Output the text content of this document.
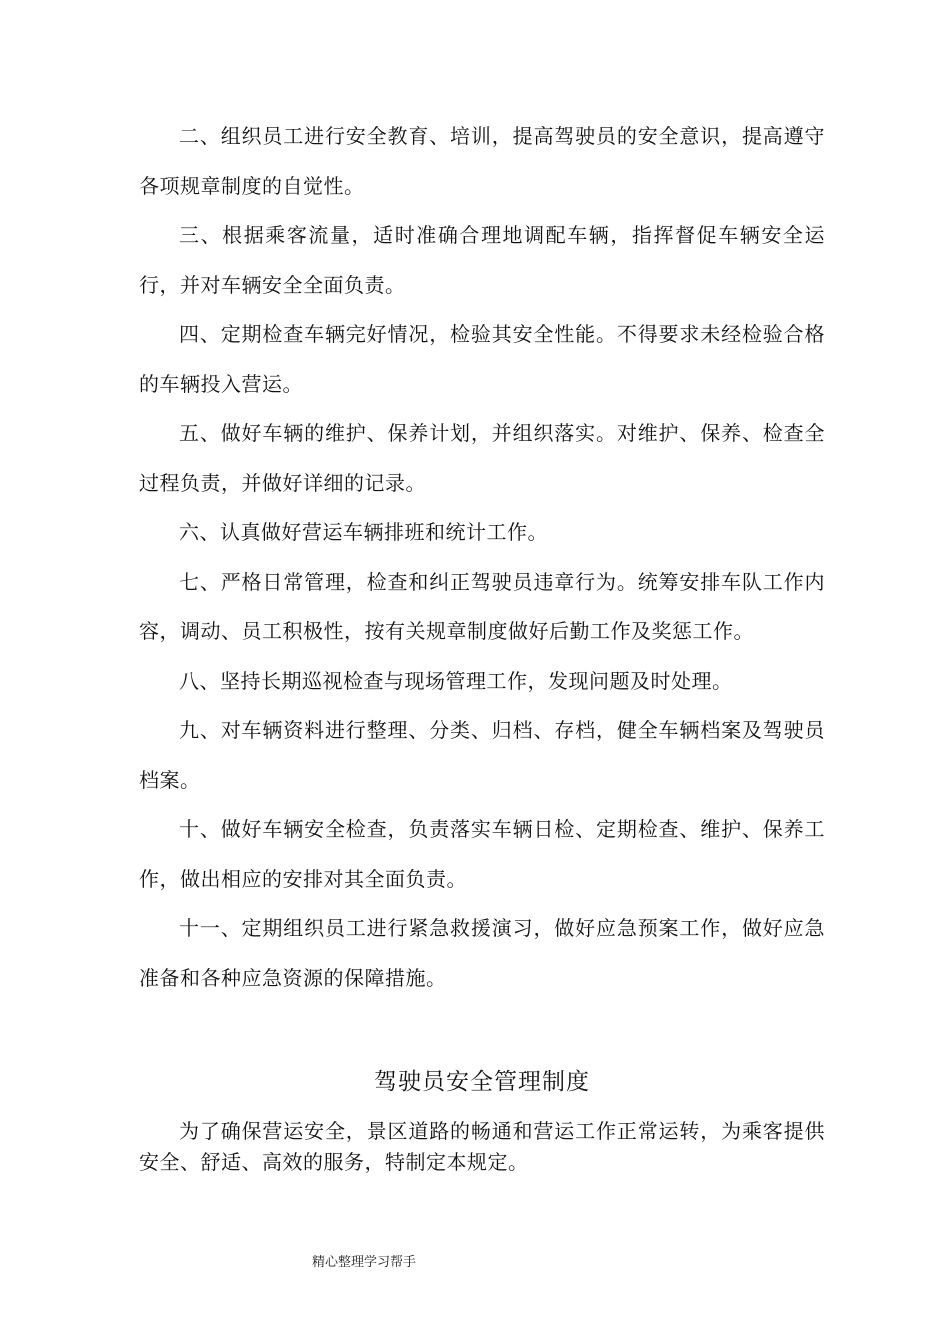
二、组织员工进行安全教育、培训，提高驾驶员的安全意识，提高遵守各项规章制度的自觉性。

三、根据乘客流量，适时准确合理地调配车辆，指挥督促车辆安全运行，并对车辆安全全面负责。

四、定期检查车辆完好情况，检验其安全性能。不得要求未经检验合格的车辆投入营运。

五、做好车辆的维护、保养计划，并组织落实。对维护、保养、检查全过程负责，并做好详细的记录。

六、认真做好营运车辆排班和统计工作。

七、严格日常管理，检查和纠正驾驶员违章行为。统筹安排车队工作内容，调动、员工积极性，按有关规章制度做好后勤工作及奖惩工作。

八、坚持长期巡视检查与现场管理工作，发现问题及时处理。

九、对车辆资料进行整理、分类、归档、存档，健全车辆档案及驾驶员档案。

十、做好车辆安全检查，负责落实车辆日检、定期检查、维护、保养工作，做出相应的安排对其全面负责。

十一、定期组织员工进行紧急救援演习，做好应急预案工作，做好应急准备和各种应急资源的保障措施。

驾驶员安全管理制度

为了确保营运安全，景区道路的畅通和营运工作正常运转，为乘客提供安全、舒适、高效的服务，特制定本规定。

精心整理学习帮手
